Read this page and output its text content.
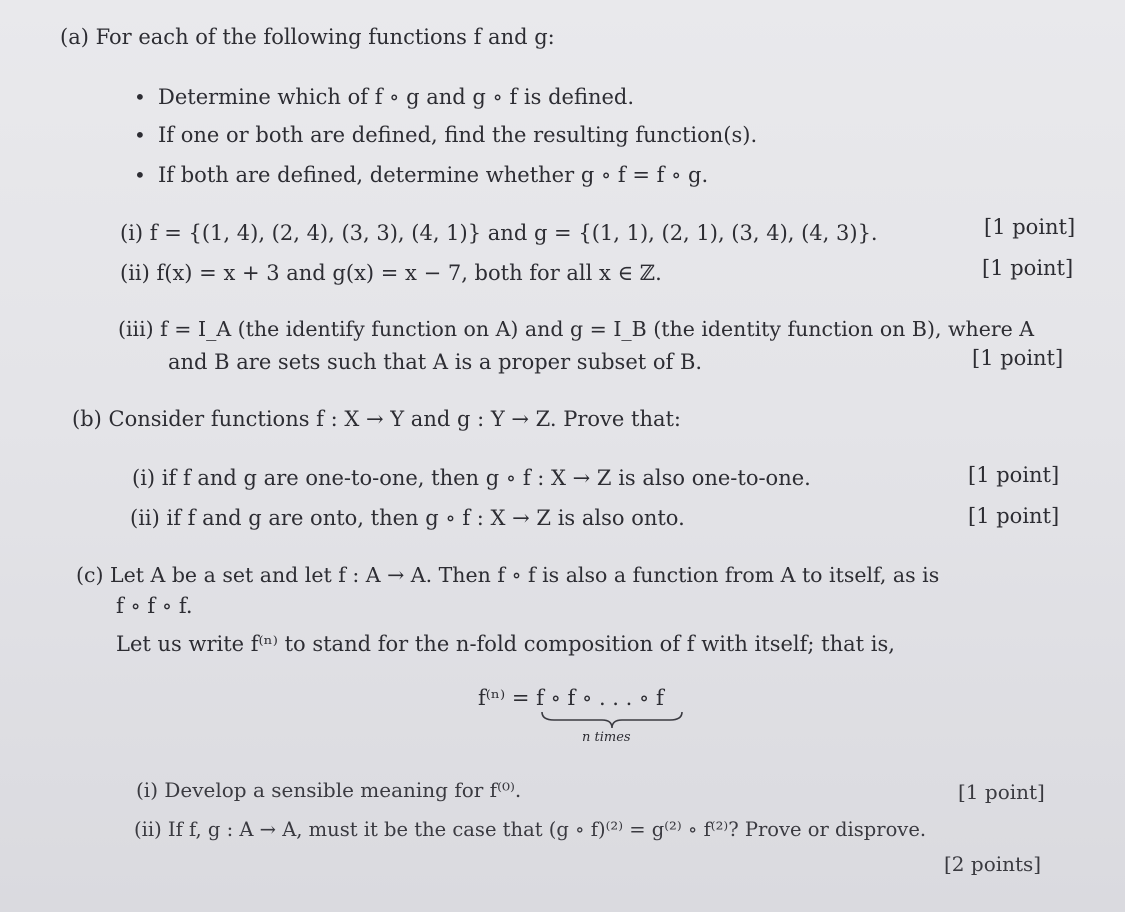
(a) For each of the following functions f and g:
• Determine which of f ∘ g and g ∘ f is defined.
• If one or both are defined, find the resulting function(s).
• If both are defined, determine whether g ∘ f = f ∘ g.
(i) f = {(1, 4), (2, 4), (3, 3), (4, 1)} and g = {(1, 1), (2, 1), (3, 4), (4, 3)}.	[1 point]
(ii) f(x) = x + 3 and g(x) = x − 7, both for all x ∈ ℤ.	[1 point]
(iii) f = I_A (the identify function on A) and g = I_B (the identity function on B), where A
and B are sets such that A is a proper subset of B.	[1 point]
(b) Consider functions f : X → Y and g : Y → Z. Prove that:
(i) if f and g are one-to-one, then g ∘ f : X → Z is also one-to-one.	[1 point]
(ii) if f and g are onto, then g ∘ f : X → Z is also onto.	[1 point]
(c) Let A be a set and let f : A → A. Then f ∘ f is also a function from A to itself, as is
f ∘ f ∘ f.
Let us write f⁽ⁿ⁾ to stand for the n-fold composition of f with itself; that is,
f⁽ⁿ⁾ = f ∘ f ∘ . . . ∘ f
n times
(i) Develop a sensible meaning for f⁽⁰⁾.	[1 point]
(ii) If f, g : A → A, must it be the case that (g ∘ f)⁽²⁾ = g⁽²⁾ ∘ f⁽²⁾? Prove or disprove.
[2 points]
